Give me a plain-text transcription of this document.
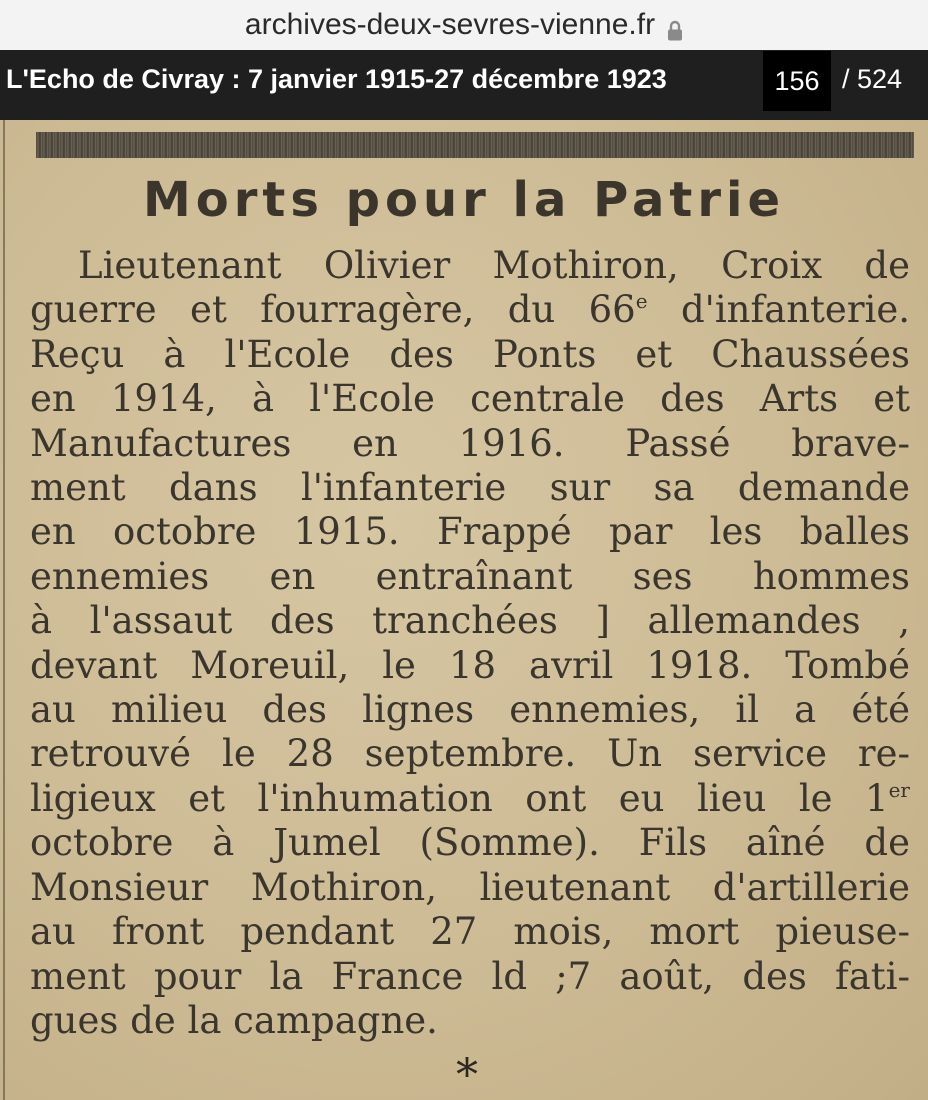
archives-deux-sevres-vienne.fr
L'Echo de Civray : 7 janvier 1915-27 décembre 1923	156 / 524
Morts pour la Patrie
Lieutenant Olivier Mothiron, Croix de
guerre et fourragère, du 66e d'infanterie.
Reçu à l'Ecole des Ponts et Chaussées
en 1914, à l'Ecole centrale des Arts et
Manufactures en 1916. Passé brave-
ment dans l'infanterie sur sa demande
en octobre 1915. Frappé par les balles
ennemies en entraînant ses hommes
à l'assaut des tranchées ] allemandes ,
devant Moreuil, le 18 avril 1918. Tombé
au milieu des lignes ennemies, il a été
retrouvé le 28 septembre. Un service re-
ligieux et l'inhumation ont eu lieu le 1er
octobre à Jumel (Somme). Fils aîné de
Monsieur Mothiron, lieutenant d'artillerie
au front pendant 27 mois, mort pieuse-
ment pour la France ld ;7 août, des fati-
gues de la campagne.
*
